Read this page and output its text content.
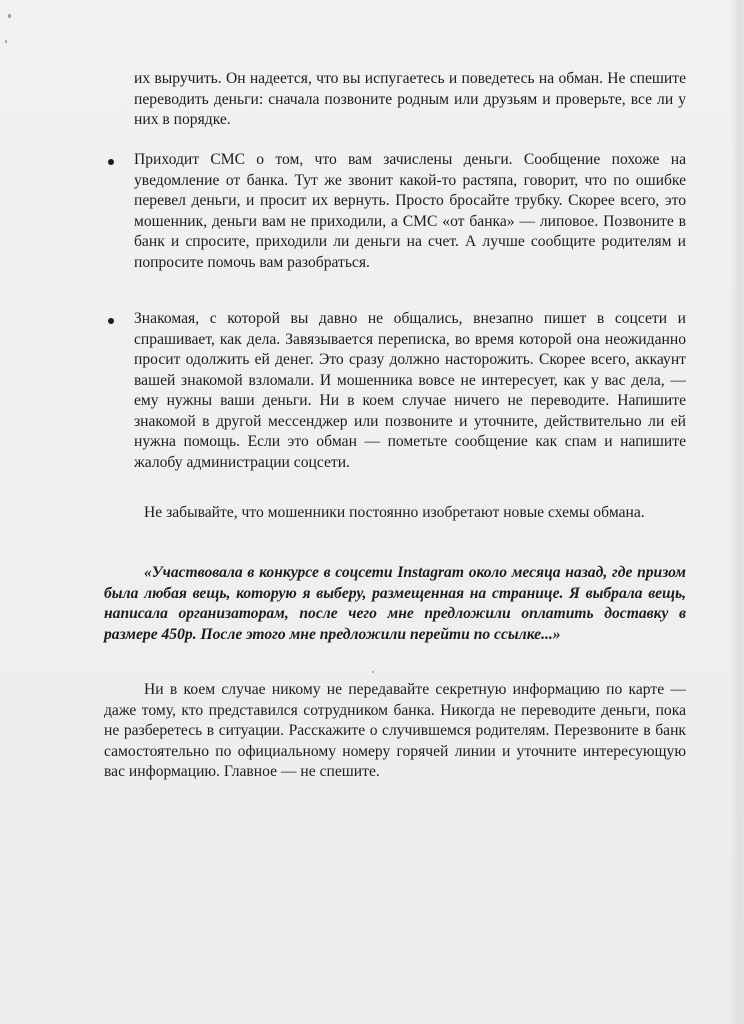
их выручить. Он надеется, что вы испугаетесь и поведетесь на обман. Не спешите переводить деньги: сначала позвоните родным или друзьям и проверьте, все ли у них в порядке.

Приходит СМС о том, что вам зачислены деньги. Сообщение похоже на уведомление от банка. Тут же звонит какой-то растяпа, говорит, что по ошибке перевел деньги, и просит их вернуть. Просто бросайте трубку. Скорее всего, это мошенник, деньги вам не приходили, а СМС «от банка» — липовое. Позвоните в банк и спросите, приходили ли деньги на счет. А лучше сообщите родителям и попросите помочь вам разобраться.

Знакомая, с которой вы давно не общались, внезапно пишет в соцсети и спрашивает, как дела. Завязывается переписка, во время которой она неожиданно просит одолжить ей денег. Это сразу должно насторожить. Скорее всего, аккаунт вашей знакомой взломали. И мошенника вовсе не интересует, как у вас дела, — ему нужны ваши деньги. Ни в коем случае ничего не переводите. Напишите знакомой в другой мессенджер или позвоните и уточните, действительно ли ей нужна помощь. Если это обман — пометьте сообщение как спам и напишите жалобу администрации соцсети.

Не забывайте, что мошенники постоянно изобретают новые схемы обмана.

«Участвовала в конкурсе в соцсети Instagram около месяца назад, где призом была любая вещь, которую я выберу, размещенная на странице. Я выбрала вещь, написала организаторам, после чего мне предложили оплатить доставку в размере 450р. После этого мне предложили перейти по ссылке...»

Ни в коем случае никому не передавайте секретную информацию по карте — даже тому, кто представился сотрудником банка. Никогда не переводите деньги, пока не разберетесь в ситуации. Расскажите о случившемся родителям. Перезвоните в банк самостоятельно по официальному номеру горячей линии и уточните интересующую вас информацию. Главное — не спешите.
